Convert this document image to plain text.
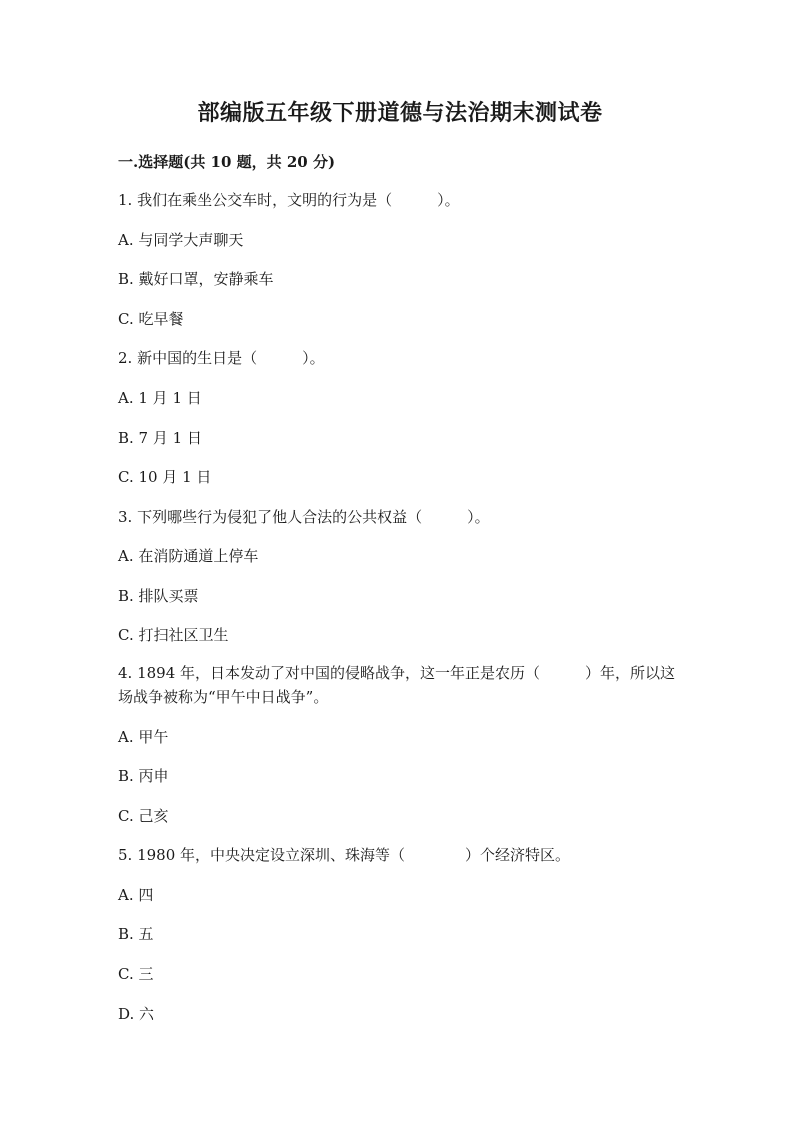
部编版五年级下册道德与法治期末测试卷
一.选择题(共 10 题，共 20 分)
1. 我们在乘坐公交车时，文明的行为是（　　　）。
A. 与同学大声聊天
B. 戴好口罩，安静乘车
C. 吃早餐
2. 新中国的生日是（　　　）。
A. 1 月 1 日
B. 7 月 1 日
C. 10 月 1 日
3. 下列哪些行为侵犯了他人合法的公共权益（　　　）。
A. 在消防通道上停车
B. 排队买票
C. 打扫社区卫生
4. 1894 年，日本发动了对中国的侵略战争，这一年正是农历（　　　）年，所以这场战争被称为“甲午中日战争”。
A. 甲午
B. 丙申
C. 己亥
5. 1980 年，中央决定设立深圳、珠海等（　　　　）个经济特区。
A. 四
B. 五
C. 三
D. 六
